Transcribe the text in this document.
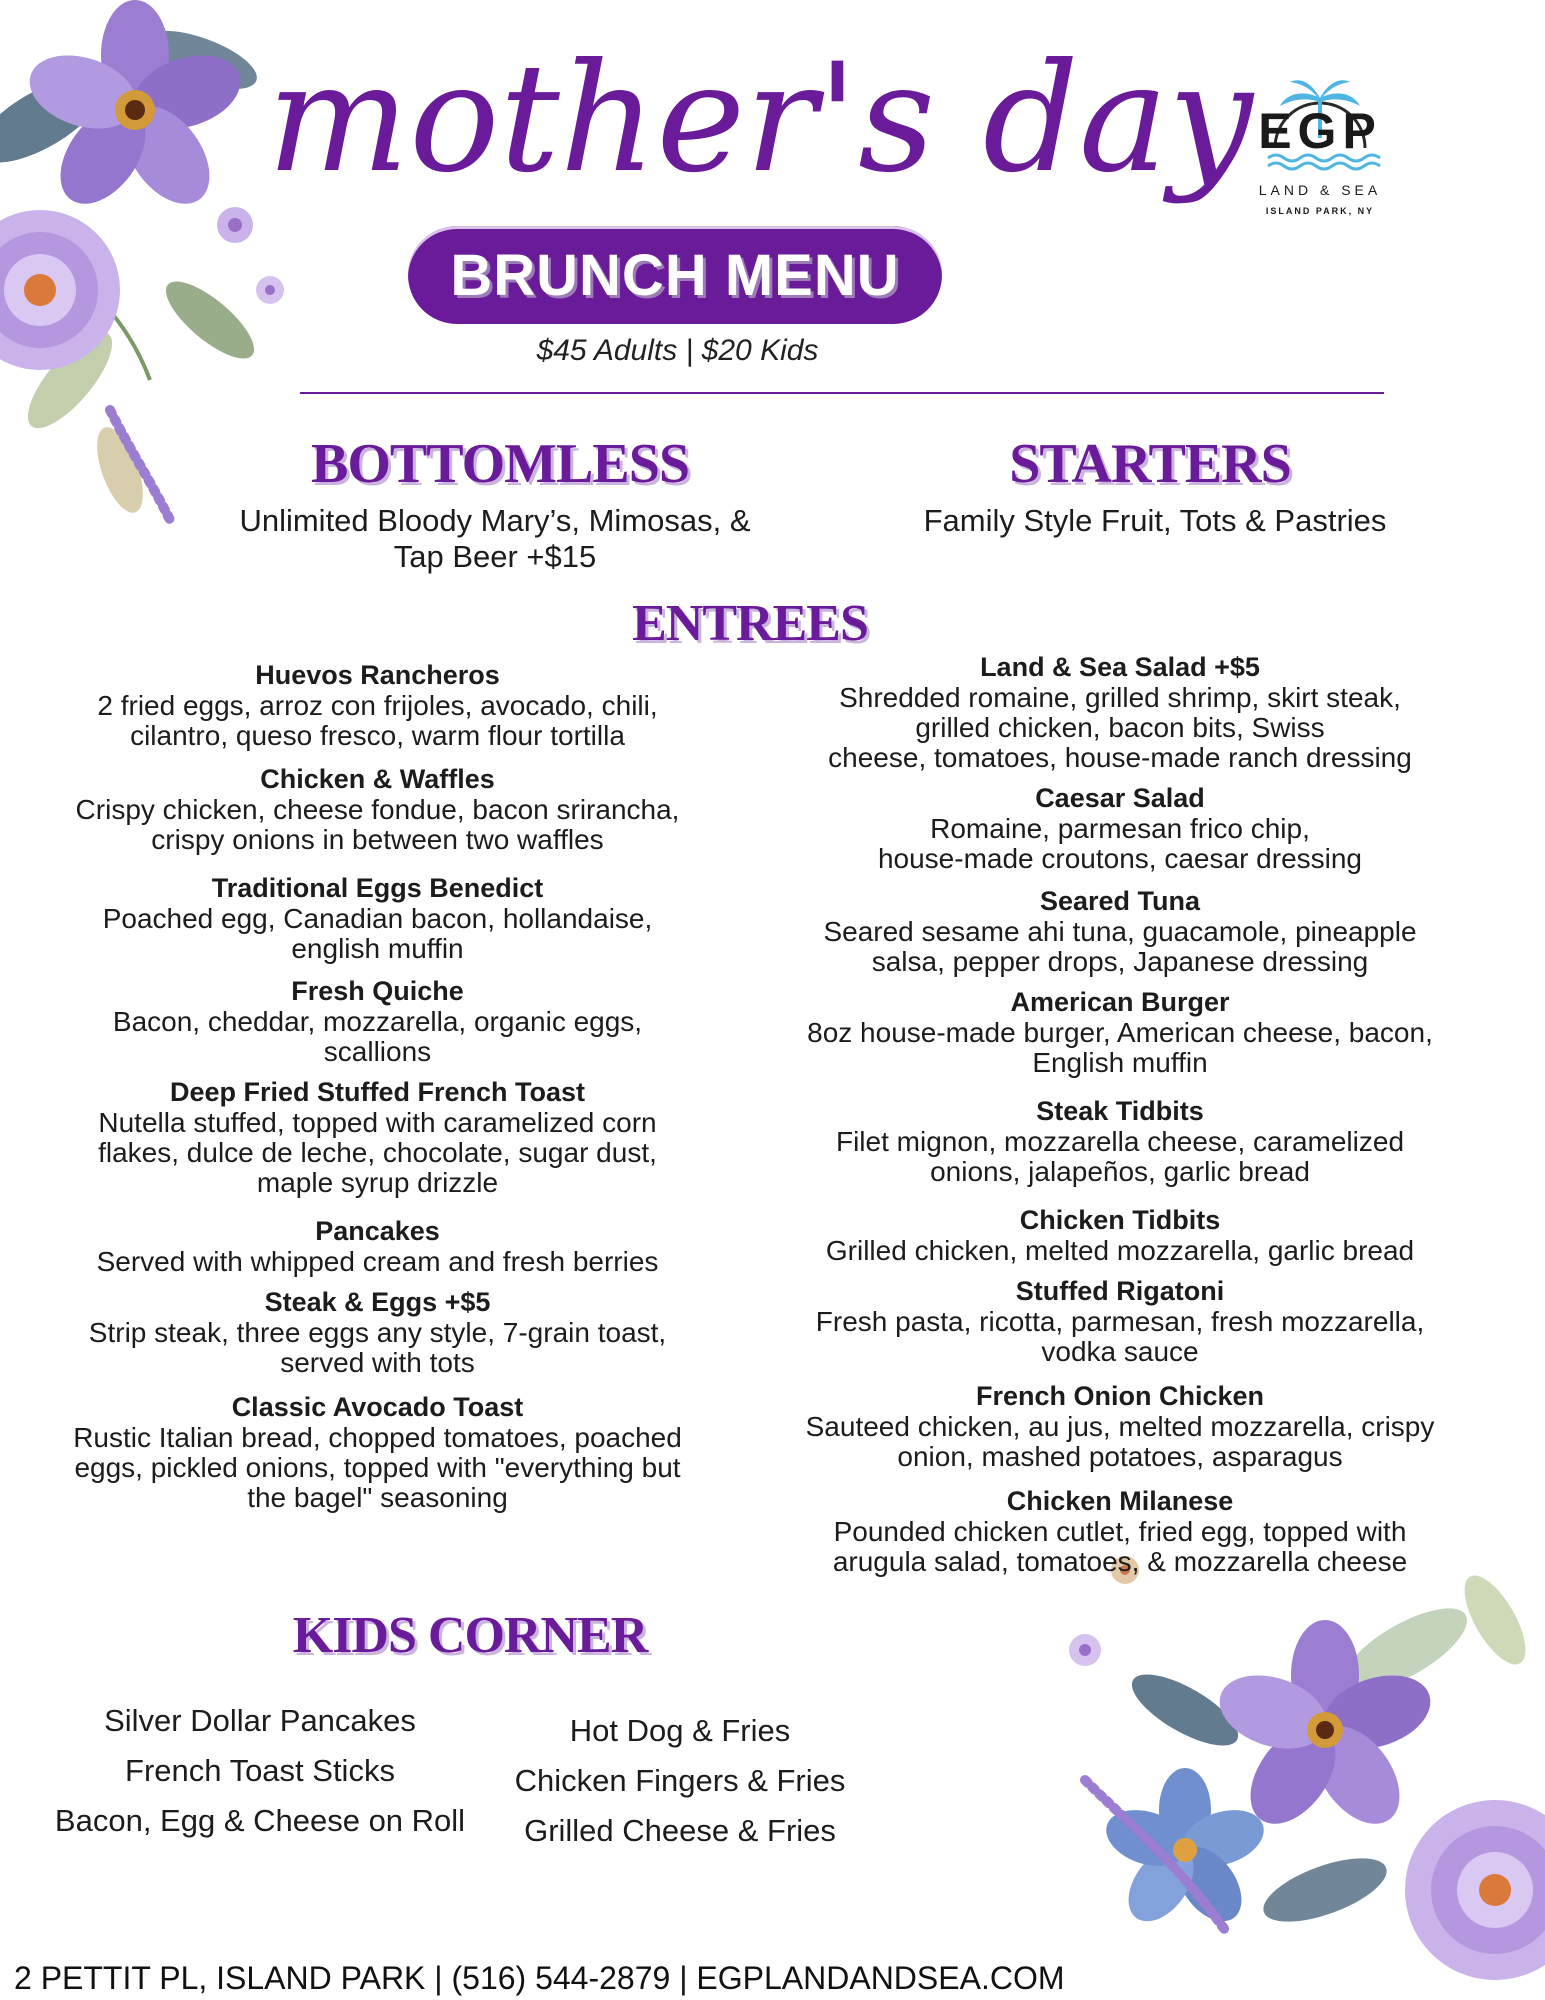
mother's day
BRUNCH MENU
$45 Adults | $20 Kids
EGP
LAND & SEA
ISLAND PARK, NY
BOTTOMLESS
Unlimited Bloody Mary’s, Mimosas, &
Tap Beer +$15
STARTERS
Family Style Fruit, Tots & Pastries
ENTREES
Huevos Rancheros
2 fried eggs, arroz con frijoles, avocado, chili,
cilantro, queso fresco, warm flour tortilla
Chicken & Waffles
Crispy chicken, cheese fondue, bacon srirancha,
crispy onions in between two waffles
Traditional Eggs Benedict
Poached egg, Canadian bacon, hollandaise,
english muffin
Fresh Quiche
Bacon, cheddar, mozzarella, organic eggs,
scallions
Deep Fried Stuffed French Toast
Nutella stuffed, topped with caramelized corn
flakes, dulce de leche, chocolate, sugar dust,
maple syrup drizzle
Pancakes
Served with whipped cream and fresh berries
Steak & Eggs +$5
Strip steak, three eggs any style, 7-grain toast,
served with tots
Classic Avocado Toast
Rustic Italian bread, chopped tomatoes, poached
eggs, pickled onions, topped with "everything but
the bagel" seasoning
Land & Sea Salad +$5
Shredded romaine, grilled shrimp, skirt steak,
grilled chicken, bacon bits, Swiss
cheese, tomatoes, house-made ranch dressing
Caesar Salad
Romaine, parmesan frico chip,
house-made croutons, caesar dressing
Seared Tuna
Seared sesame ahi tuna, guacamole, pineapple
salsa, pepper drops, Japanese dressing
American Burger
8oz house-made burger, American cheese, bacon,
English muffin
Steak Tidbits
Filet mignon, mozzarella cheese, caramelized
onions, jalapeños, garlic bread
Chicken Tidbits
Grilled chicken, melted mozzarella, garlic bread
Stuffed Rigatoni
Fresh pasta, ricotta, parmesan, fresh mozzarella,
vodka sauce
French Onion Chicken
Sauteed chicken, au jus, melted mozzarella, crispy
onion, mashed potatoes, asparagus
Chicken Milanese
Pounded chicken cutlet, fried egg, topped with
arugula salad, tomatoes, & mozzarella cheese
KIDS CORNER
Silver Dollar Pancakes
French Toast Sticks
Bacon, Egg & Cheese on Roll
Hot Dog & Fries
Chicken Fingers & Fries
Grilled Cheese & Fries
2 PETTIT PL, ISLAND PARK | (516) 544-2879 | EGPLANDANDSEA.COM
